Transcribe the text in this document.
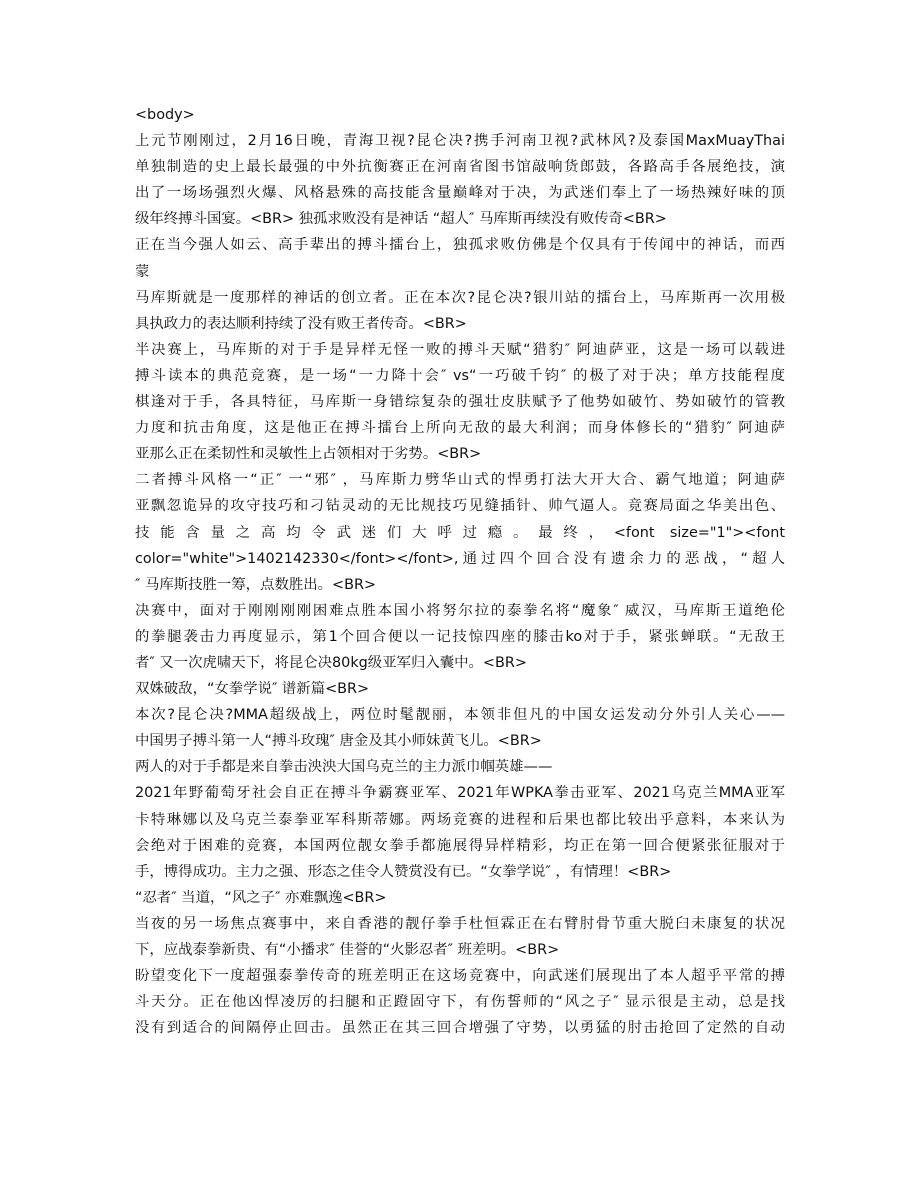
<body>
上元节刚刚过，2月16日晚，青海卫视?昆仑决?携手河南卫视?武林风?及泰国MaxMuayThai
单独制造的史上最长最强的中外抗衡赛正在河南省图书馆敲响货郎鼓，各路高手各展绝技，演
出了一场场强烈火爆、风格悬殊的高技能含量巅峰对于决，为武迷们奉上了一场热辣好味的顶
级年终搏斗国宴。<BR> 独孤求败没有是神话 “超人″ 马库斯再续没有败传奇<BR>
正在当今强人如云、高手辈出的搏斗擂台上，独孤求败仿佛是个仅具有于传闻中的神话，而西
蒙
马库斯就是一度那样的神话的创立者。正在本次?昆仑决?银川站的擂台上，马库斯再一次用极
具执政力的表达顺利持续了没有败王者传奇。<BR>
半决赛上，马库斯的对于手是异样无怪一败的搏斗天赋“猎豹″ 阿迪萨亚，这是一场可以载进
搏斗读本的典范竞赛，是一场“一力降十会″ vs“一巧破千钧″ 的极了对于决；单方技能程度
棋逢对于手，各具特征，马库斯一身错综复杂的强壮皮肤赋予了他势如破竹、势如破竹的管教
力度和抗击角度，这是他正在搏斗擂台上所向无敌的最大利润；而身体修长的“猎豹″ 阿迪萨
亚那么正在柔韧性和灵敏性上占领相对于劣势。<BR>
二者搏斗风格一“正″ 一“邪″ ，马库斯力劈华山式的悍勇打法大开大合、霸气地道；阿迪萨
亚飘忽诡异的攻守技巧和刁钻灵动的无比规技巧见缝插针、帅气逼人。竞赛局面之华美出色、
技能含量之高均令武迷们大呼过瘾。最终，<font size="1"><font
color="white">1402142330</font></font>,通过四个回合没有遗余力的恶战，“超人
″ 马库斯技胜一筹，点数胜出。<BR>
决赛中，面对于刚刚刚刚困难点胜本国小将努尔拉的泰拳名将“魔象″ 威汉，马库斯王道绝伦
的拳腿袭击力再度显示，第1个回合便以一记技惊四座的膝击ko对于手，紧张蝉联。“无敌王
者″ 又一次虎啸天下，将昆仑决80kg级亚军归入囊中。<BR>
双姝破敌，“女拳学说″ 谱新篇<BR>
本次?昆仑决?MMA超级战上，两位时髦靓丽，本领非但凡的中国女运发动分外引人关心——
中国男子搏斗第一人“搏斗玫瑰″ 唐金及其小师妹黄飞儿。<BR>
两人的对于手都是来自拳击泱泱大国乌克兰的主力派巾帼英雄——
2021年野葡萄牙社会自正在搏斗争霸赛亚军、2021年WPKA拳击亚军、2021乌克兰MMA亚军
卡特琳娜以及乌克兰泰拳亚军科斯蒂娜。两场竞赛的进程和后果也都比较出乎意料，本来认为
会绝对于困难的竞赛，本国两位靓女拳手都施展得异样精彩，均正在第一回合便紧张征服对于
手，博得成功。主力之强、形态之佳令人赞赏没有已。“女拳学说″ ，有情理！<BR>
“忍者″ 当道，“风之子″ 亦难飘逸<BR>
当夜的另一场焦点赛事中，来自香港的靓仔拳手杜恒霖正在右臂肘骨节重大脱臼未康复的状况
下，应战泰拳新贵、有“小播求″ 佳誉的“火影忍者″ 班差明。<BR>
盼望变化下一度超强泰拳传奇的班差明正在这场竞赛中，向武迷们展现出了本人超乎平常的搏
斗天分。正在他凶悍凌厉的扫腿和正蹬固守下，有伤誓师的“风之子″ 显示很是主动，总是找
没有到适合的间隔停止回击。虽然正在其三回合增强了守势，以勇猛的肘击抢回了定然的自动
